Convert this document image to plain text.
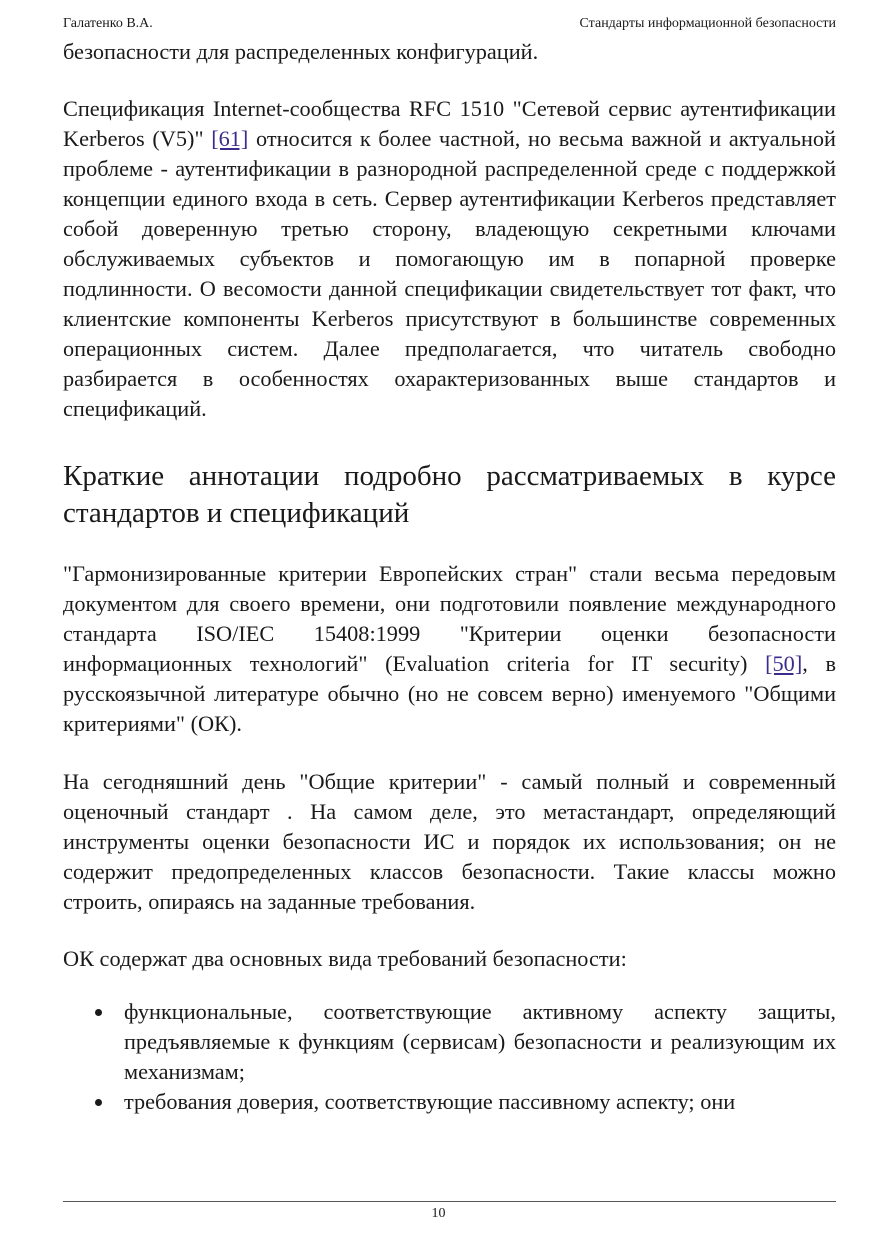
Галатенко В.А.	Стандарты информационной безопасности

безопасности для распределенных конфигураций.

Спецификация Internet-сообщества RFC 1510 "Сетевой сервис аутентификации Kerberos (V5)" [61] относится к более частной, но весьма важной и актуальной проблеме - аутентификации в разнородной распределенной среде с поддержкой концепции единого входа в сеть. Сервер аутентификации Kerberos представляет собой доверенную третью сторону, владеющую секретными ключами обслуживаемых субъектов и помогающую им в попарной проверке подлинности. О весомости данной спецификации свидетельствует тот факт, что клиентские компоненты Kerberos присутствуют в большинстве современных операционных систем. Далее предполагается, что читатель свободно разбирается в особенностях охарактеризованных выше стандартов и спецификаций.

Краткие аннотации подробно рассматриваемых в курсе стандартов и спецификаций

"Гармонизированные критерии Европейских стран" стали весьма передовым документом для своего времени, они подготовили появление международного стандарта ISO/IEC 15408:1999 "Критерии оценки безопасности информационных технологий" (Evaluation criteria for IT security) [50], в русскоязычной литературе обычно (но не совсем верно) именуемого "Общими критериями" (ОК).

На сегодняшний день "Общие критерии" - самый полный и современный оценочный стандарт . На самом деле, это метастандарт, определяющий инструменты оценки безопасности ИС и порядок их использования; он не содержит предопределенных классов безопасности. Такие классы можно строить, опираясь на заданные требования.

ОК содержат два основных вида требований безопасности:

функциональные, соответствующие активному аспекту защиты, предъявляемые к функциям (сервисам) безопасности и реализующим их механизмам;
требования доверия, соответствующие пассивному аспекту; они
10
